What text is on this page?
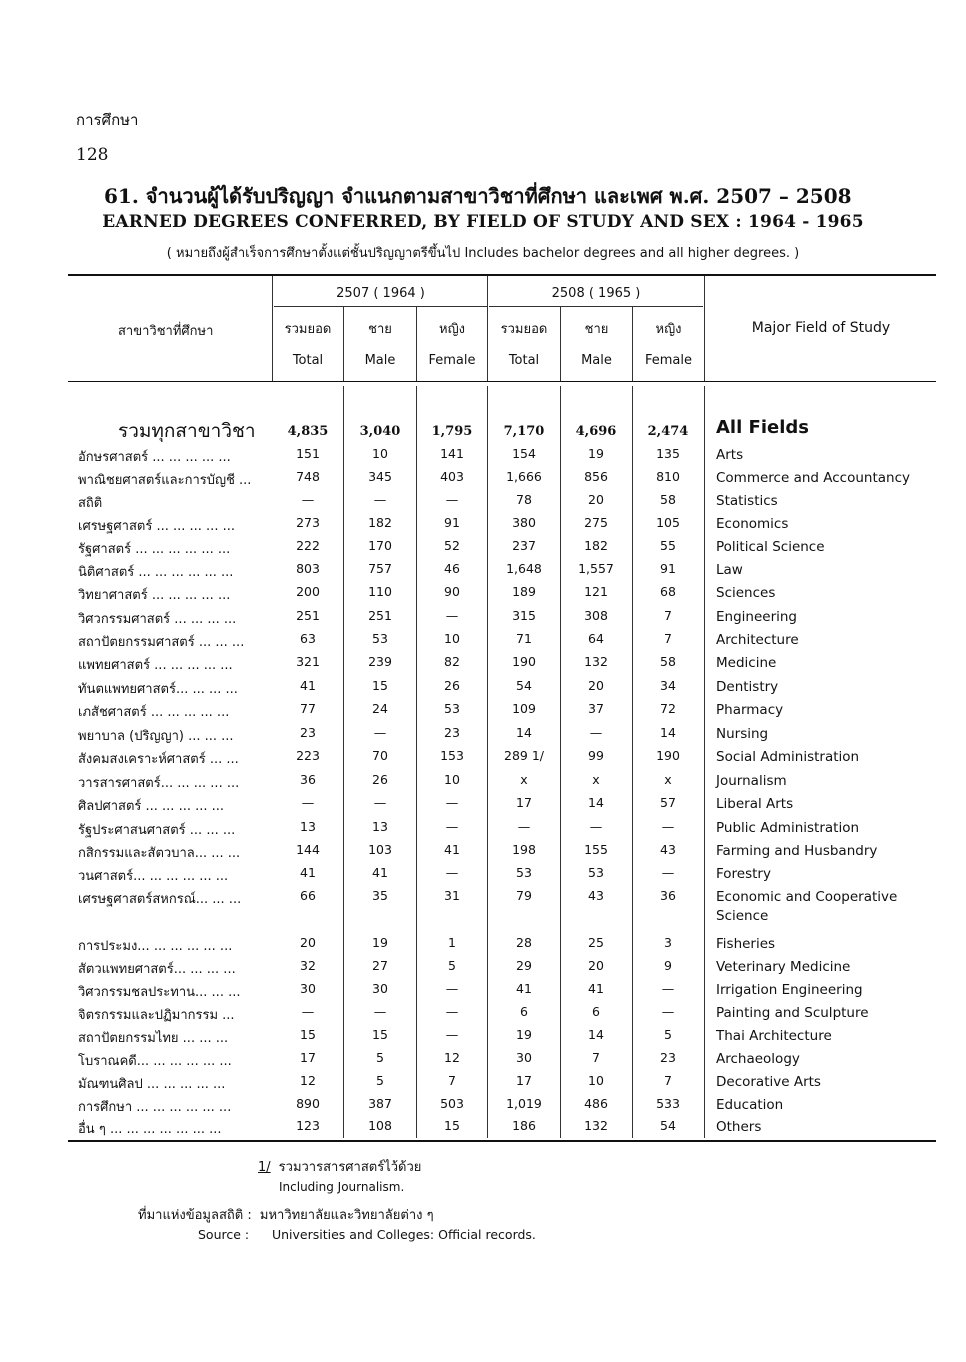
การศึกษา
128
61. จำนวนผู้ได้รับปริญญา จำแนกตามสาขาวิชาที่ศึกษา และเพศ พ.ศ. 2507 – 2508
EARNED DEGREES CONFERRED, BY FIELD OF STUDY AND SEX : 1964 - 1965
( หมายถึงผู้สำเร็จการศึกษาตั้งแต่ชั้นปริญญาตรีขึ้นไป Includes bachelor degrees and all higher degrees. )
2507 ( 1964 )	2508 ( 1965 )
สาขาวิชาที่ศึกษา	Major Field of Study
รวมยอด	ชาย	หญิง	รวมยอด	ชาย	หญิง
Total	Male	Female	Total	Male	Female
รวมทุกสาขาวิชา	4,835	3,040	1,795	7,170	4,696	2,474	All Fields
อักษรศาสตร์ ... ... ... ... ...	151	10	141	154	19	135	Arts
พาณิชยศาสตร์และการบัญชี ...	748	345	403	1,666	856	810	Commerce and Accountancy
สถิติ	—	—	—	78	20	58	Statistics
เศรษฐศาสตร์ ... ... ... ... ...	273	182	91	380	275	105	Economics
รัฐศาสตร์ ... ... ... ... ... ...	222	170	52	237	182	55	Political Science
นิติศาสตร์ ... ... ... ... ... ...	803	757	46	1,648	1,557	91	Law
วิทยาศาสตร์ ... ... ... ... ...	200	110	90	189	121	68	Sciences
วิศวกรรมศาสตร์ ... ... ... ...	251	251	—	315	308	7	Engineering
สถาปัตยกรรมศาสตร์ ... ... ...	63	53	10	71	64	7	Architecture
แพทยศาสตร์ ... ... ... ... ...	321	239	82	190	132	58	Medicine
ทันตแพทยศาสตร์... ... ... ...	41	15	26	54	20	34	Dentistry
เภสัชศาสตร์ ... ... ... ... ...	77	24	53	109	37	72	Pharmacy
พยาบาล (ปริญญา) ... ... ...	23	—	23	14	—	14	Nursing
สังคมสงเคราะห์ศาสตร์ ... ...	223	70	153	289 1/	99	190	Social Administration
วารสารศาสตร์... ... ... ... ...	36	26	10	x	x	x	Journalism
ศิลปศาสตร์ ... ... ... ... ...	—	—	—	17	14	57	Liberal Arts
รัฐประศาสนศาสตร์ ... ... ...	13	13	—	—	—	—	Public Administration
กสิกรรมและสัตวบาล... ... ...	144	103	41	198	155	43	Farming and Husbandry
วนศาสตร์... ... ... ... ... ...	41	41	—	53	53	—	Forestry
เศรษฐศาสตร์สหกรณ์... ... ...	66	35	31	79	43	36	Economic and Cooperative Science
การประมง... ... ... ... ... ...	20	19	1	28	25	3	Fisheries
สัตวแพทยศาสตร์... ... ... ...	32	27	5	29	20	9	Veterinary Medicine
วิศวกรรมชลประทาน... ... ...	30	30	—	41	41	—	Irrigation Engineering
จิตรกรรมและปฏิมากรรม ...	—	—	—	6	6	—	Painting and Sculpture
สถาปัตยกรรมไทย ... ... ...	15	15	—	19	14	5	Thai Architecture
โบราณคดี... ... ... ... ... ...	17	5	12	30	7	23	Archaeology
มัณฑนศิลป ... ... ... ... ...	12	5	7	17	10	7	Decorative Arts
การศึกษา ... ... ... ... ... ...	890	387	503	1,019	486	533	Education
อื่น ๆ ... ... ... ... ... ... ...	123	108	15	186	132	54	Others
1/ รวมวารสารศาสตร์ไว้ด้วย
Including Journalism.
ที่มาแห่งข้อมูลสถิติ : มหาวิทยาลัยและวิทยาลัยต่าง ๆ
Source : Universities and Colleges: Official records.
